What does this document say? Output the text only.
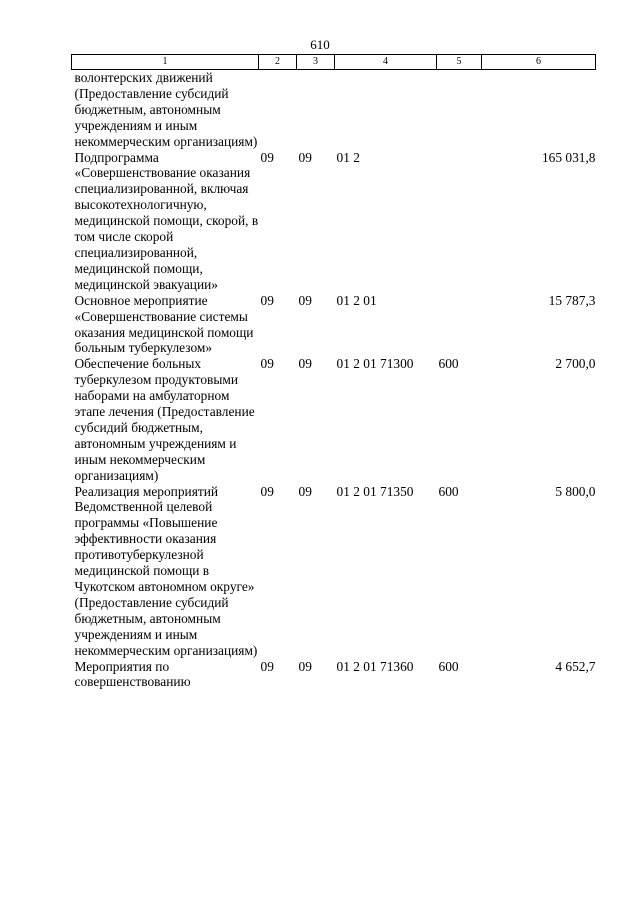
610
1	2	3	4	5	6
волонтерских движений (Предоставление субсидий бюджетным, автономным учреждениям и иным некоммерческим организациям)					
Подпрограмма «Совершенствование оказания специализированной, включая высокотехнологичную, медицинской помощи, скорой, в том числе скорой специализированной, медицинской помощи, медицинской эвакуации»	09	09	01 2		165 031,8
Основное мероприятие «Совершенствование системы оказания медицинской помощи больным туберкулезом»	09	09	01 2 01		15 787,3
Обеспечение больных туберкулезом продуктовыми наборами на амбулаторном этапе лечения (Предоставление субсидий бюджетным, автономным учреждениям и иным некоммерческим организациям)	09	09	01 2 01 71300	600	2 700,0
Реализация мероприятий Ведомственной целевой программы «Повышение эффективности оказания противотуберкулезной медицинской помощи в Чукотском автономном округе» (Предоставление субсидий бюджетным, автономным учреждениям и иным некоммерческим организациям)	09	09	01 2 01 71350	600	5 800,0
Мероприятия по совершенствованию	09	09	01 2 01 71360	600	4 652,7
